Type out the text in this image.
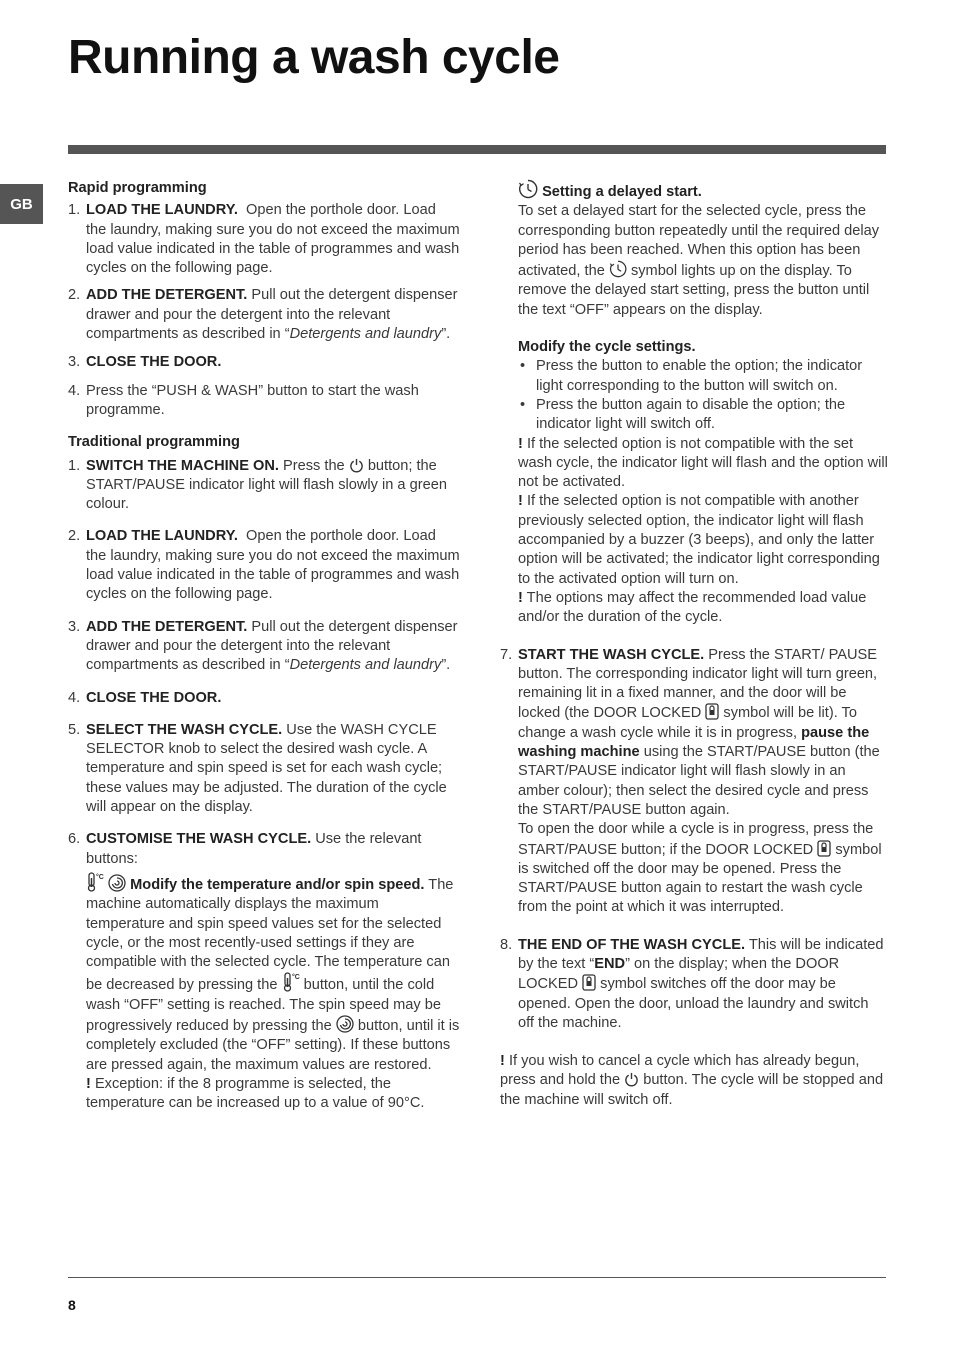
Running a wash cycle
GB
Rapid programming
1. LOAD THE LAUNDRY. Open the porthole door. Load the laundry, making sure you do not exceed the maximum load value indicated in the table of programmes and wash cycles on the following page.
2. ADD THE DETERGENT. Pull out the detergent dispenser drawer and pour the detergent into the relevant compartments as described in “Detergents and laundry”.
3. CLOSE THE DOOR.
4. Press the “PUSH & WASH” button to start the wash programme.
Traditional programming
1. SWITCH THE MACHINE ON. Press the button; the START/PAUSE indicator light will flash slowly in a green colour.
2. LOAD THE LAUNDRY. Open the porthole door. Load the laundry, making sure you do not exceed the maximum load value indicated in the table of programmes and wash cycles on the following page.
3. ADD THE DETERGENT. Pull out the detergent dispenser drawer and pour the detergent into the relevant compartments as described in “Detergents and laundry”.
4. CLOSE THE DOOR.
5. SELECT THE WASH CYCLE. Use the WASH CYCLE SELECTOR knob to select the desired wash cycle. A temperature and spin speed is set for each wash cycle; these values may be adjusted. The duration of the cycle will appear on the display.
6. CUSTOMISE THE WASH CYCLE. Use the relevant buttons:
°C Modify the temperature and/or spin speed. The machine automatically displays the maximum temperature and spin speed values set for the selected cycle, or the most recently-used settings if they are compatible with the selected cycle. The temperature can be decreased by pressing the °C button, until the cold wash “OFF” setting is reached. The spin speed may be progressively reduced by pressing the button, until it is completely excluded (the “OFF” setting). If these buttons are pressed again, the maximum values are restored.
! Exception: if the 8 programme is selected, the temperature can be increased up to a value of 90°C.
Setting a delayed start.
To set a delayed start for the selected cycle, press the corresponding button repeatedly until the required delay period has been reached. When this option has been activated, the symbol lights up on the display. To remove the delayed start setting, press the button until the text “OFF” appears on the display.
Modify the cycle settings.
• Press the button to enable the option; the indicator light corresponding to the button will switch on.
• Press the button again to disable the option; the indicator light will switch off.
! If the selected option is not compatible with the set wash cycle, the indicator light will flash and the option will not be activated.
! If the selected option is not compatible with another previously selected option, the indicator light will flash accompanied by a buzzer (3 beeps), and only the latter option will be activated; the indicator light corresponding to the activated option will turn on.
! The options may affect the recommended load value and/or the duration of the cycle.
7. START THE WASH CYCLE. Press the START/ PAUSE button. The corresponding indicator light will turn green, remaining lit in a fixed manner, and the door will be locked (the DOOR LOCKED symbol will be lit). To change a wash cycle while it is in progress, pause the washing machine using the START/PAUSE button (the START/PAUSE indicator light will flash slowly in an amber colour); then select the desired cycle and press the START/PAUSE button again.
To open the door while a cycle is in progress, press the START/PAUSE button; if the DOOR LOCKED symbol is switched off the door may be opened. Press the START/PAUSE button again to restart the wash cycle from the point at which it was interrupted.
8. THE END OF THE WASH CYCLE. This will be indicated by the text “END” on the display; when the DOOR LOCKED symbol switches off the door may be opened. Open the door, unload the laundry and switch off the machine.
! If you wish to cancel a cycle which has already begun, press and hold the button. The cycle will be stopped and the machine will switch off.
8
